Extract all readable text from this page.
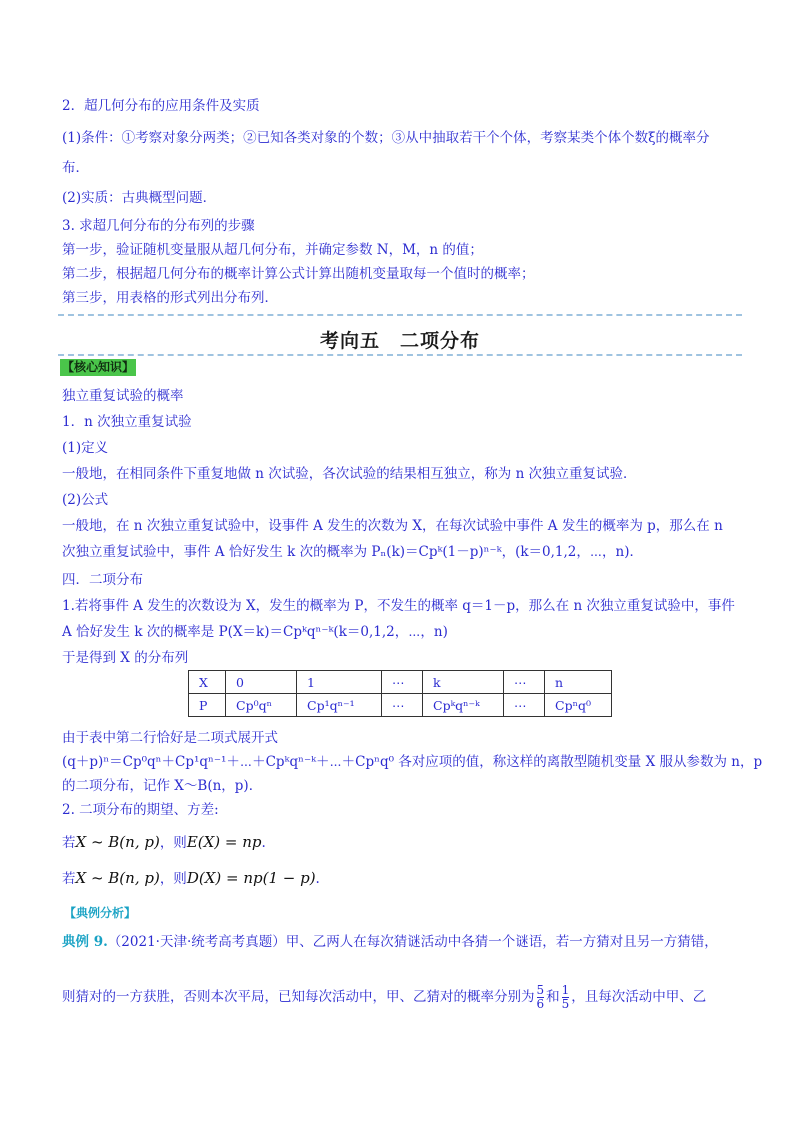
2．超几何分布的应用条件及实质
(1)条件：①考察对象分两类；②已知各类对象的个数；③从中抽取若干个个体，考察某类个体个数ξ的概率分
布．
(2)实质：古典概型问题．
3. 求超几何分布的分布列的步骤
第一步，验证随机变量服从超几何分布，并确定参数 N，M，n 的值；
第二步，根据超几何分布的概率计算公式计算出随机变量取每一个值时的概率；
第三步，用表格的形式列出分布列．
考向五　二项分布
【核心知识】
独立重复试验的概率
1．n 次独立重复试验
(1)定义
一般地，在相同条件下重复地做 n 次试验，各次试验的结果相互独立，称为 n 次独立重复试验．
(2)公式
一般地，在 n 次独立重复试验中，设事件 A 发生的次数为 X，在每次试验中事件 A 发生的概率为 p，那么在 n
次独立重复试验中，事件 A 恰好发生 k 次的概率为 Pₙ(k)＝Cpᵏ(1－p)ⁿ⁻ᵏ，(k＝0,1,2，⋯，n)．
四．二项分布
1.若将事件 A 发生的次数设为 X，发生的概率为 P，不发生的概率 q＝1－p，那么在 n 次独立重复试验中，事件
A 恰好发生 k 次的概率是 P(X＝k)＝Cpᵏqⁿ⁻ᵏ(k＝0,1,2，⋯，n)
于是得到 X 的分布列
X	0	1	⋯	k	⋯	n
P	Cp⁰qⁿ	Cp¹qⁿ⁻¹	⋯	Cpᵏqⁿ⁻ᵏ	⋯	Cpⁿq⁰
由于表中第二行恰好是二项式展开式
(q＋p)ⁿ＝Cp⁰qⁿ＋Cp¹qⁿ⁻¹＋⋯＋Cpᵏqⁿ⁻ᵏ＋⋯＋Cpⁿq⁰ 各对应项的值，称这样的离散型随机变量 X 服从参数为 n，p
的二项分布，记作 X～B(n，p)．
2. 二项分布的期望、方差:
若X ~ B(n, p)，则E(X) = np.
若X ~ B(n, p)，则D(X) = np(1 − p).
【典例分析】
典例 9.（2021·天津·统考高考真题）甲、乙两人在每次猜谜活动中各猜一个谜语，若一方猜对且另一方猜错，
则猜对的一方获胜，否则本次平局，已知每次活动中，甲、乙猜对的概率分别为 $\frac{5}{6}$ 和 $\frac{1}{5}$ ，且每次活动中甲、乙
